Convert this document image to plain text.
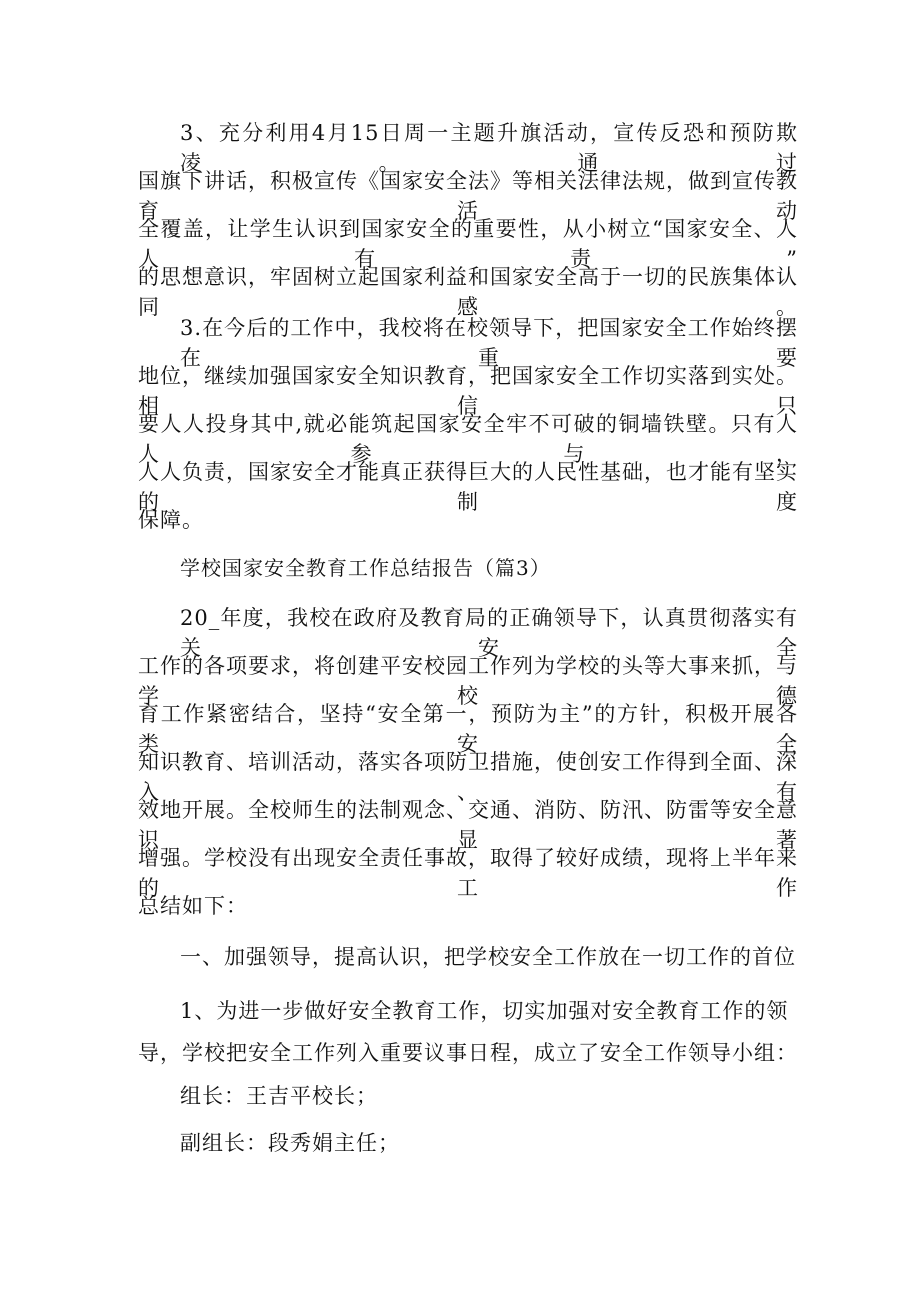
3、充分利用4月15日周一主题升旗活动，宣传反恐和预防欺凌。通过
国旗下讲话，积极宣传《国家安全法》等相关法律法规，做到宣传教育活动
全覆盖，让学生认识到国家安全的重要性，从小树立“国家安全、人人有责”
的思想意识，牢固树立起国家利益和国家安全高于一切的民族集体认同感。
3.在今后的工作中，我校将在校领导下，把国家安全工作始终摆在重要
地位，继续加强国家安全知识教育，把国家安全工作切实落到实处。相信只
要人人投身其中,就必能筑起国家安全牢不可破的铜墙铁壁。只有人人参与，
人人负责，国家安全才能真正获得巨大的人民性基础，也才能有坚实的制度
保障。
学校国家安全教育工作总结报告（篇3）
20_年度，我校在政府及教育局的正确领导下，认真贯彻落实有关安全
工作的各项要求，将创建平安校园工作列为学校的头等大事来抓，与学校德
育工作紧密结合，坚持“安全第一，预防为主”的方针，积极开展各类安全
知识教育、培训活动，落实各项防卫措施，使创安工作得到全面、深入、有
效地开展。全校师生的法制观念、交通、消防、防汛、防雷等安全意识显著
增强。学校没有出现安全责任事故，取得了较好成绩，现将上半年来的工作
总结如下：
一、加强领导，提高认识，把学校安全工作放在一切工作的首位
1、为进一步做好安全教育工作，切实加强对安全教育工作的领
导，学校把安全工作列入重要议事日程，成立了安全工作领导小组：
组长：王吉平校长；
副组长：段秀娟主任；
